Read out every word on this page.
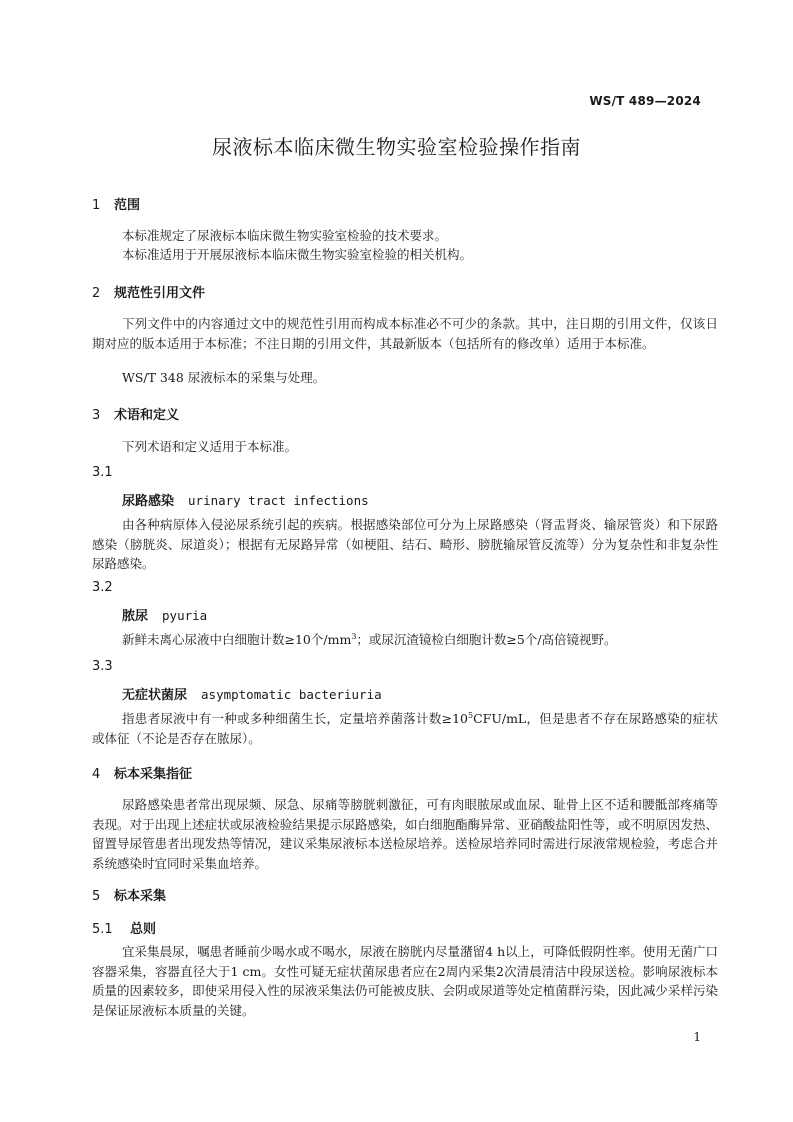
WS/T 489—2024
尿液标本临床微生物实验室检验操作指南
1 范围

本标准规定了尿液标本临床微生物实验室检验的技术要求。

本标准适用于开展尿液标本临床微生物实验室检验的相关机构。

2 规范性引用文件

下列文件中的内容通过文中的规范性引用而构成本标准必不可少的条款。其中，注日期的引用文件，仅该日期对应的版本适用于本标准；不注日期的引用文件，其最新版本（包括所有的修改单）适用于本标准。

WS/T 348 尿液标本的采集与处理。

3 术语和定义

下列术语和定义适用于本标准。

3.1
尿路感染 urinary tract infections

由各种病原体入侵泌尿系统引起的疾病。根据感染部位可分为上尿路感染（肾盂肾炎、输尿管炎）和下尿路感染（膀胱炎、尿道炎）；根据有无尿路异常（如梗阻、结石、畸形、膀胱输尿管反流等）分为复杂性和非复杂性尿路感染。

3.2
脓尿 pyuria

新鲜未离心尿液中白细胞计数≥10个$/mm^3$；或尿沉渣镜检白细胞计数≥5个/高倍镜视野。

3.3
无症状菌尿 asymptomatic bacteriuria

指患者尿液中有一种或多种细菌生长，定量培养菌落计数$\ge 10^5CFU/mL$，但是患者不存在尿路感染的症状或体征（不论是否存在脓尿）。

4 标本采集指征

尿路感染患者常出现尿频、尿急、尿痛等膀胱刺激征，可有肉眼脓尿或血尿、耻骨上区不适和腰骶部疼痛等表现。对于出现上述症状或尿液检验结果提示尿路感染，如白细胞酯酶异常、亚硝酸盐阳性等，或不明原因发热、留置导尿管患者出现发热等情况，建议采集尿液标本送检尿培养。送检尿培养同时需进行尿液常规检验，考虑合并系统感染时宜同时采集血培养。

5 标本采集
5.1 总则

宜采集晨尿，嘱患者睡前少喝水或不喝水，尿液在膀胱内尽量潴留4 h以上，可降低假阴性率。使用无菌广口容器采集，容器直径大于1 cm。女性可疑无症状菌尿患者应在2周内采集2次清晨清洁中段尿送检。影响尿液标本质量的因素较多，即使采用侵入性的尿液采集法仍可能被皮肤、会阴或尿道等处定植菌群污染，因此减少采样污染是保证尿液标本质量的关键。

1
